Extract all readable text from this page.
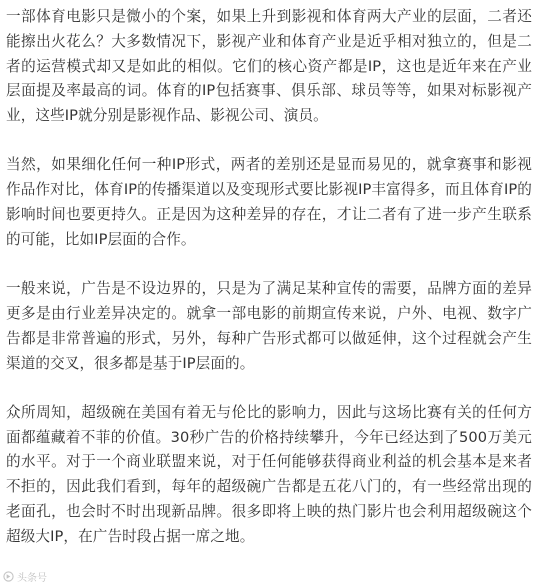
一部体育电影只是微小的个案，如果上升到影视和体育两大产业的层面，二者还能擦出火花么？大多数情况下，影视产业和体育产业是近乎相对独立的，但是二者的运营模式却又是如此的相似。它们的核心资产都是IP，这也是近年来在产业层面提及率最高的词。体育的IP包括赛事、俱乐部、球员等等，如果对标影视产业，这些IP就分别是影视作品、影视公司、演员。

当然，如果细化任何一种IP形式，两者的差别还是显而易见的，就拿赛事和影视作品作对比，体育IP的传播渠道以及变现形式要比影视IP丰富得多，而且体育IP的影响时间也要更持久。正是因为这种差异的存在，才让二者有了进一步产生联系的可能，比如IP层面的合作。

一般来说，广告是不设边界的，只是为了满足某种宣传的需要，品牌方面的差异更多是由行业差异决定的。就拿一部电影的前期宣传来说，户外、电视、数字广告都是非常普遍的形式，另外，每种广告形式都可以做延伸，这个过程就会产生渠道的交叉，很多都是基于IP层面的。

众所周知，超级碗在美国有着无与伦比的影响力，因此与这场比赛有关的任何方面都蕴藏着不菲的价值。30秒广告的价格持续攀升，今年已经达到了500万美元的水平。对于一个商业联盟来说，对于任何能够获得商业利益的机会基本是来者不拒的，因此我们看到，每年的超级碗广告都是五花八门的，有一些经常出现的老面孔，也会时不时出现新品牌。很多即将上映的热门影片也会利用超级碗这个超级大IP，在广告时段占据一席之地。

头条号
